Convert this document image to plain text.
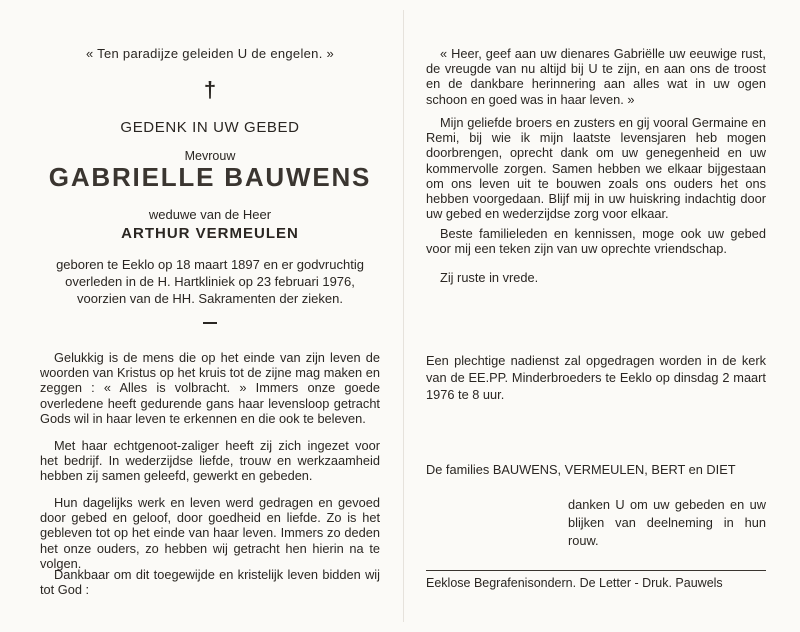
« Ten paradijze geleiden U de engelen. »
†
GEDENK IN UW GEBED
Mevrouw
GABRIELLE BAUWENS
weduwe van de Heer
ARTHUR VERMEULEN
geboren te Eeklo op 18 maart 1897 en er godvruchtig overleden in de H. Hartkliniek op 23 februari 1976, voorzien van de HH. Sakramenten der zieken.
Gelukkig is de mens die op het einde van zijn leven de woorden van Kristus op het kruis tot de zijne mag maken en zeggen : « Alles is volbracht. » Immers onze goede overledene heeft gedurende gans haar levensloop getracht Gods wil in haar leven te erkennen en die ook te beleven.
Met haar echtgenoot-zaliger heeft zij zich ingezet voor het bedrijf. In wederzijdse liefde, trouw en werkzaamheid hebben zij samen geleefd, gewerkt en gebeden.
Hun dagelijks werk en leven werd gedragen en gevoed door gebed en geloof, door goedheid en liefde. Zo is het gebleven tot op het einde van haar leven. Immers zo deden het onze ouders, zo hebben wij getracht hen hierin na te volgen.
Dankbaar om dit toegewijde en kristelijk leven bidden wij tot God :
« Heer, geef aan uw dienares Gabriëlle uw eeuwige rust, de vreugde van nu altijd bij U te zijn, en aan ons de troost en de dankbare herinnering aan alles wat in uw ogen schoon en goed was in haar leven. »
Mijn geliefde broers en zusters en gij vooral Germaine en Remi, bij wie ik mijn laatste levensjaren heb mogen doorbrengen, oprecht dank om uw genegenheid en uw kommervolle zorgen. Samen hebben we elkaar bijgestaan om ons leven uit te bouwen zoals ons ouders het ons hebben voorgedaan. Blijf mij in uw huiskring indachtig door uw gebed en wederzijdse zorg voor elkaar.
Beste familieleden en kennissen, moge ook uw gebed voor mij een teken zijn van uw oprechte vriendschap.
Zij ruste in vrede.
Een plechtige nadienst zal opgedragen worden in de kerk van de EE.PP. Minderbroeders te Eeklo op dinsdag 2 maart 1976 te 8 uur.
De families BAUWENS, VERMEULEN, BERT en DIET
danken U om uw gebeden en uw blijken van deelneming in hun rouw.
Eeklose Begrafenisondern. De Letter - Druk. Pauwels
